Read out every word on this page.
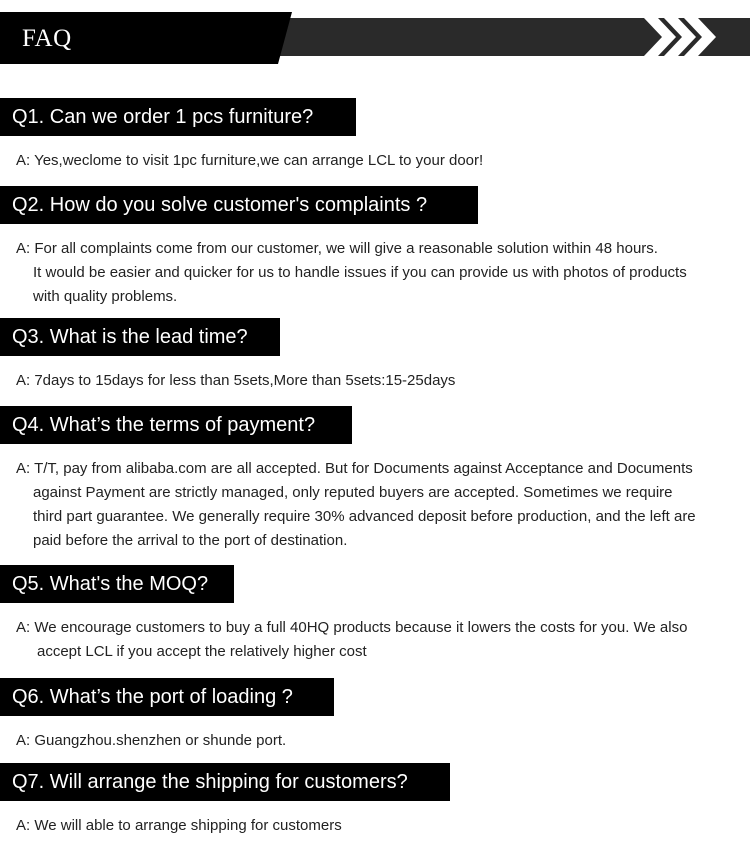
FAQ
Q1. Can we order 1 pcs furniture?
A: Yes,weclome to visit 1pc furniture,we can arrange LCL to your door!
Q2. How do you solve customer's complaints ?
A: For all complaints come from our customer, we will give a reasonable solution within 48 hours.
It would be easier and quicker for us to handle issues if you can provide us with photos of products
with quality problems.
Q3. What is the lead time?
A: 7days to 15days for less than 5sets,More than 5sets:15-25days
Q4. What’s the terms of payment?
A: T/T, pay from alibaba.com are all accepted. But for Documents against Acceptance and Documents
against Payment are strictly managed, only reputed buyers are accepted. Sometimes we require
third part guarantee. We generally require 30% advanced deposit before production, and the left are
paid before the arrival to the port of destination.
Q5. What's the MOQ?
A: We encourage customers to buy a full 40HQ products because it lowers the costs for you. We also
accept LCL if you accept the relatively higher cost
Q6. What’s the port of loading ?
A: Guangzhou.shenzhen or shunde port.
Q7. Will arrange the shipping for customers?
A: We will able to arrange shipping for customers
